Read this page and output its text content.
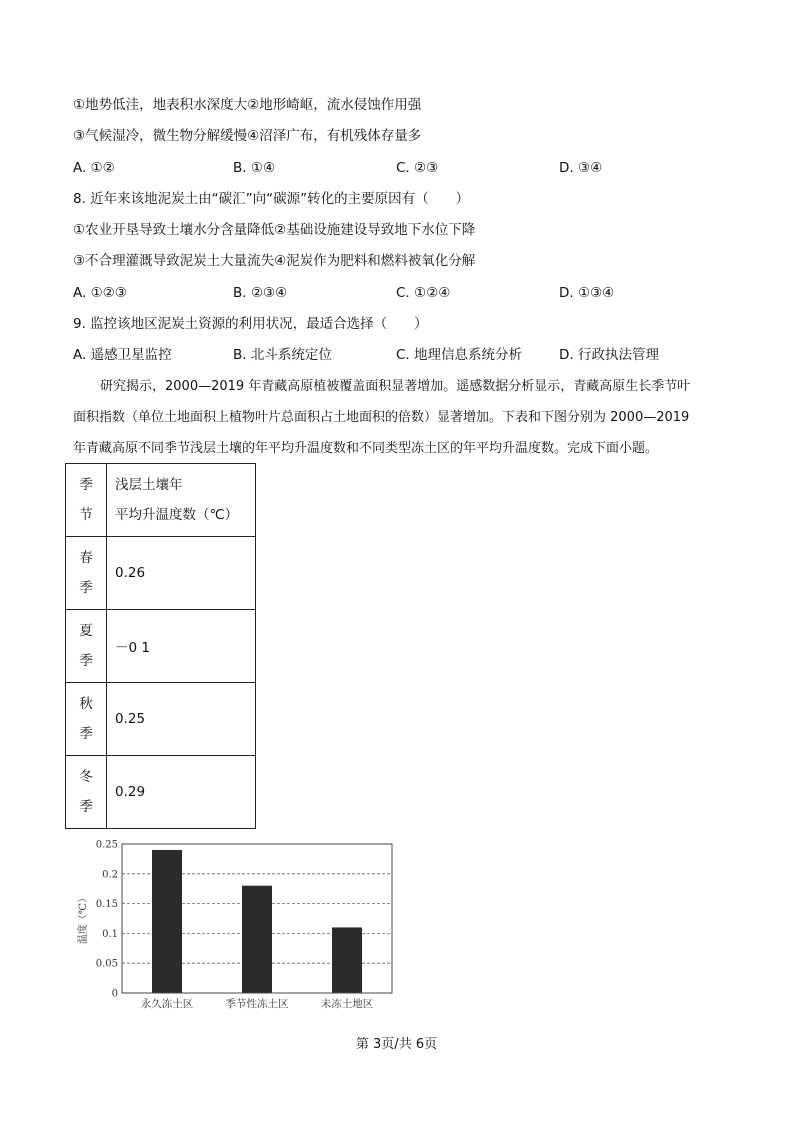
①地势低洼，地表积水深度大②地形崎岖，流水侵蚀作用强
③气候湿冷，微生物分解缓慢④沼泽广布，有机残体存量多
A. ①②	B. ①④	C. ②③	D. ③④
8. 近年来该地泥炭土由“碳汇”向“碳源”转化的主要原因有（　　）
①农业开垦导致土壤水分含量降低②基础设施建设导致地下水位下降
③不合理灌溉导致泥炭土大量流失④泥炭作为肥料和燃料被氧化分解
A. ①②③	B. ②③④	C. ①②④	D. ①③④
9. 监控该地区泥炭土资源的利用状况，最适合选择（　　）
A. 遥感卫星监控	B. 北斗系统定位	C. 地理信息系统分析	D. 行政执法管理
研究揭示，2000—2019 年青藏高原植被覆盖面积显著增加。遥感数据分析显示，青藏高原生长季节叶
面积指数（单位土地面积上植物叶片总面积占土地面积的倍数）显著增加。下表和下图分别为 2000—2019
年青藏高原不同季节浅层土壤的年平均升温度数和不同类型冻土区的年平均升温度数。完成下面小题。
季
节	浅层土壤年
平均升温度数（℃）

春
季	0.26

夏
季	－0 1

秋
季	0.25

冬
季	0.29
0
0.05
0.1
0.15
0.2
0.25
永久冻土区	季节性冻土区	未冻土地区
温度（℃）
第 3页/共 6页
